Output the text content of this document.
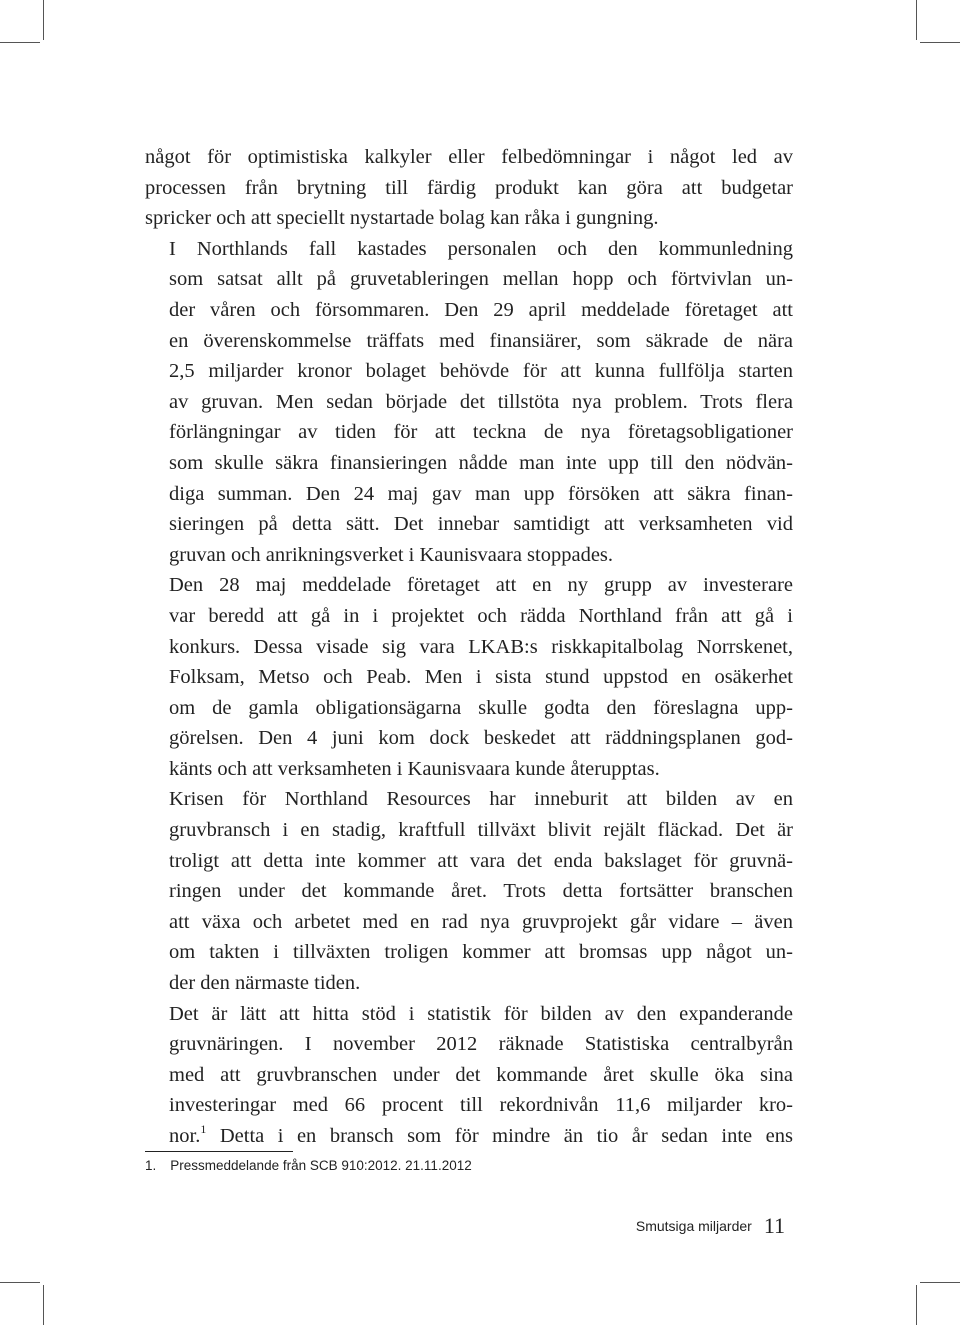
något för optimistiska kalkyler eller felbedömningar i något led av
processen från brytning till färdig produkt kan göra att budgetar
spricker och att speciellt nystartade bolag kan råka i gungning.

I Northlands fall kastades personalen och den kommunledning
som satsat allt på gruvetableringen mellan hopp och förtvivlan un-
der våren och försommaren. Den 29 april meddelade företaget att
en överenskommelse träffats med finansiärer, som säkrade de nära
2,5 miljarder kronor bolaget behövde för att kunna fullfölja starten
av gruvan. Men sedan började det tillstöta nya problem. Trots flera
förlängningar av tiden för att teckna de nya företagsobligationer
som skulle säkra finansieringen nådde man inte upp till den nödvän-
diga summan. Den 24 maj gav man upp försöken att säkra finan-
sieringen på detta sätt. Det innebar samtidigt att verksamheten vid
gruvan och anrikningsverket i Kaunisvaara stoppades.

Den 28 maj meddelade företaget att en ny grupp av investerare
var beredd att gå in i projektet och rädda Northland från att gå i
konkurs. Dessa visade sig vara LKAB:s riskkapitalbolag Norrskenet,
Folksam, Metso och Peab. Men i sista stund uppstod en osäkerhet
om de gamla obligationsägarna skulle godta den föreslagna upp-
görelsen. Den 4 juni kom dock beskedet att räddningsplanen god-
känts och att verksamheten i Kaunisvaara kunde återupptas.

Krisen för Northland Resources har inneburit att bilden av en
gruvbransch i en stadig, kraftfull tillväxt blivit rejält fläckad. Det är
troligt att detta inte kommer att vara det enda bakslaget för gruvnä-
ringen under det kommande året. Trots detta fortsätter branschen
att växa och arbetet med en rad nya gruvprojekt går vidare – även
om takten i tillväxten troligen kommer att bromsas upp något un-
der den närmaste tiden.

Det är lätt att hitta stöd i statistik för bilden av den expanderande
gruvnäringen. I november 2012 räknade Statistiska centralbyrån
med att gruvbranschen under det kommande året skulle öka sina
investeringar med 66 procent till rekordnivån 11,6 miljarder kro-
nor.$^1$ Detta i en bransch som för mindre än tio år sedan inte ens

1. Pressmeddelande från SCB 910:2012. 21.11.2012
Smutsiga miljarder 11
